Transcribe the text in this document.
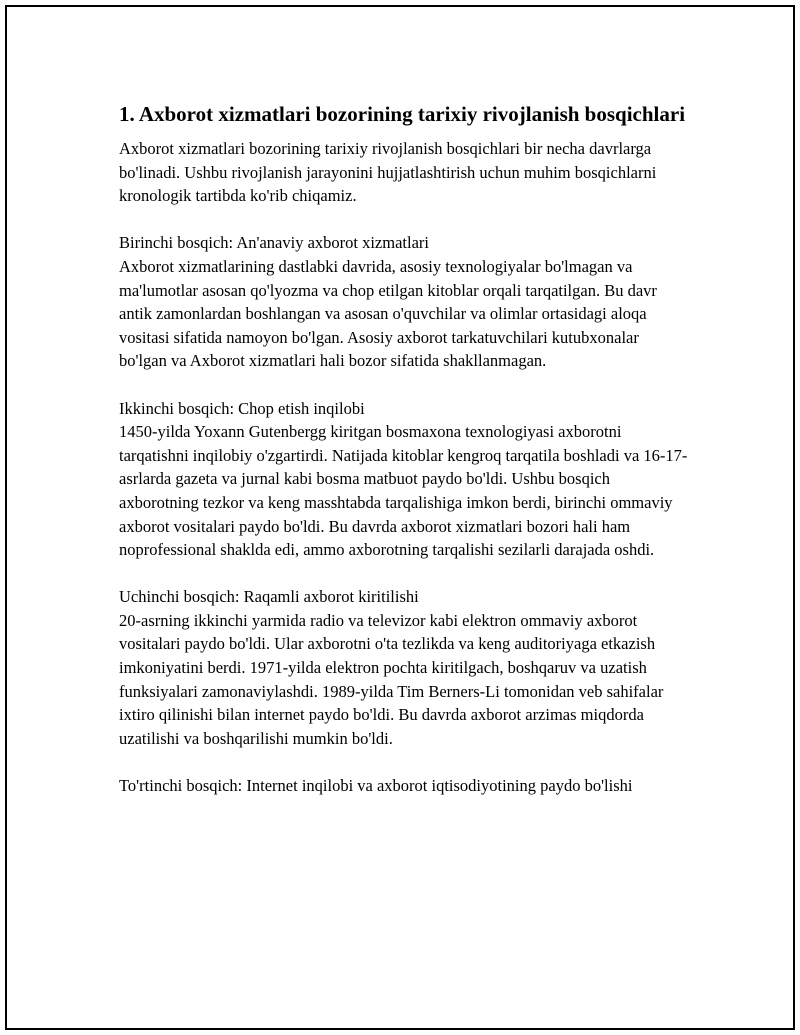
1. Axborot xizmatlari bozorining tarixiy rivojlanish bosqichlari

Axborot xizmatlari bozorining tarixiy rivojlanish bosqichlari bir necha davrlarga bo'linadi. Ushbu rivojlanish jarayonini hujjatlashtirish uchun muhim bosqichlarni kronologik tartibda ko'rib chiqamiz.

Birinchi bosqich: An'anaviy axborot xizmatlari
Axborot xizmatlarining dastlabki davrida, asosiy texnologiyalar bo'lmagan va ma'lumotlar asosan qo'lyozma va chop etilgan kitoblar orqali tarqatilgan. Bu davr antik zamonlardan boshlangan va asosan o'quvchilar va olimlar ortasidagi aloqa vositasi sifatida namoyon bo'lgan. Asosiy axborot tarkatuvchilari kutubxonalar bo'lgan va Axborot xizmatlari hali bozor sifatida shakllanmagan.

Ikkinchi bosqich: Chop etish inqilobi
1450-yilda Yoxann Gutenbergg kiritgan bosmaxona texnologiyasi axborotni tarqatishni inqilobiy o'zgartirdi. Natijada kitoblar kengroq tarqatila boshladi va 16-17-asrlarda gazeta va jurnal kabi bosma matbuot paydo bo'ldi. Ushbu bosqich axborotning tezkor va keng masshtabda tarqalishiga imkon berdi, birinchi ommaviy axborot vositalari paydo bo'ldi. Bu davrda axborot xizmatlari bozori hali ham noprofessional shaklda edi, ammo axborotning tarqalishi sezilarli darajada oshdi.

Uchinchi bosqich: Raqamli axborot kiritilishi
20-asrning ikkinchi yarmida radio va televizor kabi elektron ommaviy axborot vositalari paydo bo'ldi. Ular axborotni o'ta tezlikda va keng auditoriyaga etkazish imkoniyatini berdi. 1971-yilda elektron pochta kiritilgach, boshqaruv va uzatish funksiyalari zamonaviylashdi. 1989-yilda Tim Berners-Li tomonidan veb sahifalar ixtiro qilinishi bilan internet paydo bo'ldi. Bu davrda axborot arzimas miqdorda uzatilishi va boshqarilishi mumkin bo'ldi.

To'rtinchi bosqich: Internet inqilobi va axborot iqtisodiyotining paydo bo'lishi
